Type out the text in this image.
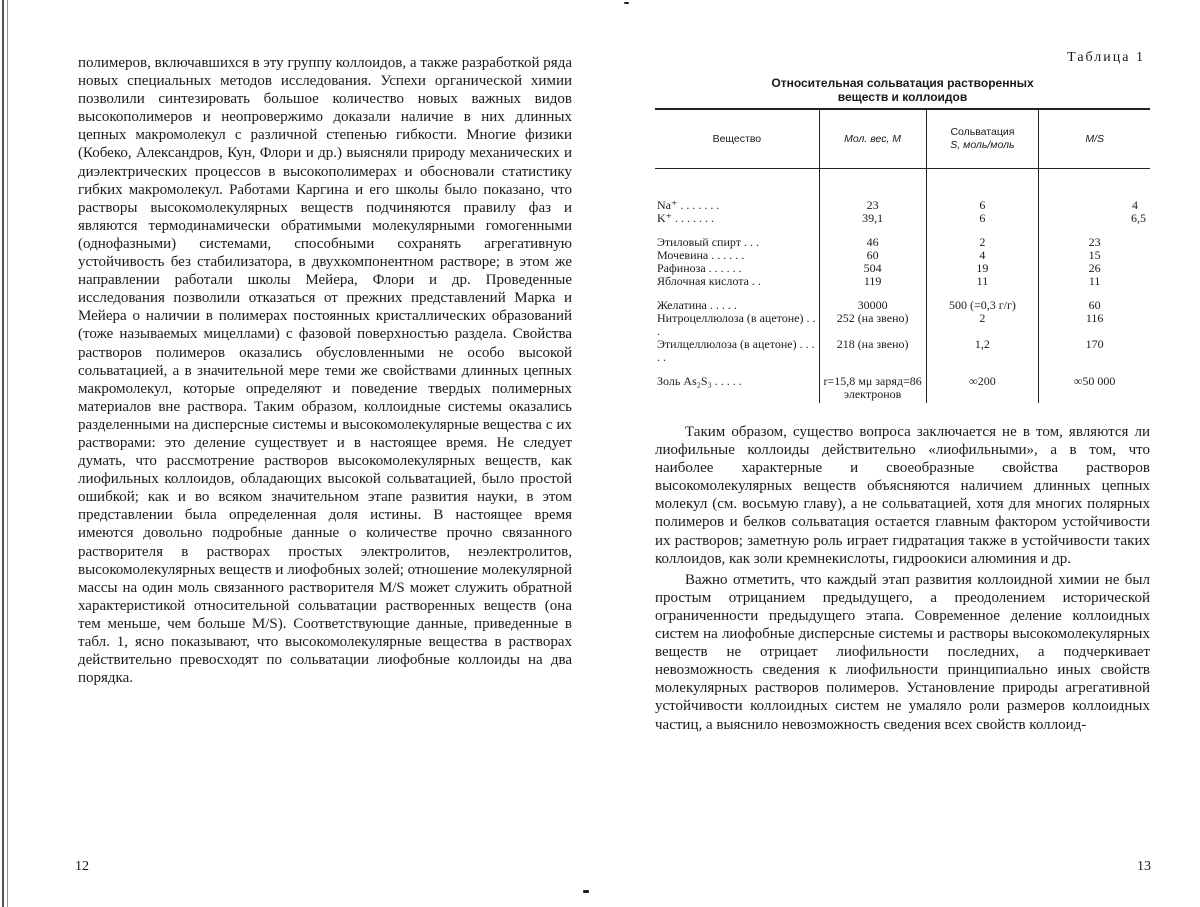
полимеров, включавшихся в эту группу коллоидов, а также разработкой ряда новых специальных методов исследования. Успехи органической химии позволили синтезировать большое количество новых важных видов высокополимеров и неопровержимо доказали наличие в них длинных цепных макромолекул с различной степенью гибкости. Многие физики (Кобеко, Александров, Кун, Флори и др.) выясняли природу механических и диэлектрических процессов в высокополимерах и обосновали статистику гибких макромолекул. Работами Каргина и его школы было показано, что растворы высокомолекулярных веществ подчиняются правилу фаз и являются термодинамически обратимыми молекулярными гомогенными (однофазными) системами, способными сохранять агрегативную устойчивость без стабилизатора, в двухкомпонентном растворе; в этом же направлении работали школы Мейера, Флори и др. Проведенные исследования позволили отказаться от прежних представлений Марка и Мейера о наличии в полимерах постоянных кристаллических образований (тоже называемых мицеллами) с фазовой поверхностью раздела. Свойства растворов полимеров оказались обусловленными не особо высокой сольватацией, а в значительной мере теми же свойствами длинных цепных макромолекул, которые определяют и поведение твердых полимерных материалов вне раствора. Таким образом, коллоидные системы оказались разделенными на дисперсные системы и высокомолекулярные вещества с их растворами: это деление существует и в настоящее время. Не следует думать, что рассмотрение растворов высокомолекулярных веществ, как лиофильных коллоидов, обладающих высокой сольватацией, было простой ошибкой; как и во всяком значительном этапе развития науки, в этом представлении была определенная доля истины. В настоящее время имеются довольно подробные данные о количестве прочно связанного растворителя в растворах простых электролитов, неэлектролитов, высокомолекулярных веществ и лиофобных золей; отношение молекулярной массы на один моль связанного растворителя M/S может служить обратной характеристикой относительной сольватации растворенных веществ (она тем меньше, чем больше M/S). Соответствующие данные, приведенные в табл. 1, ясно показывают, что высокомолекулярные вещества в растворах действительно превосходят по сольватации лиофобные коллоиды на два порядка.

12
Таблица 1
Относительная сольватация растворенных
веществ и коллоидов
Вещество	Мол. вес, M	Сольватация
S, моль/моль	M/S
Na⁺ . . . . . . .	23	6	4
K⁺ . . . . . . .	39,1	6	6,5
Этиловый спирт . . .	46	2	23
Мочевина . . . . . .	60	4	15
Рафиноза . . . . . .	504	19	26
Яблочная кислота . .	119	11	11
Желатина . . . . .	30000	500 (=0,3 г/г)	60
Нитроцеллюлоза (в ацетоне) . . .	252 (на звено)	2	116
Этилцеллюлоза (в ацетоне) . . . . .	218 (на звено)	1,2	170
Золь As₂S₃ . . . . .	r=15,8 мμ заряд=86 электронов	∞200	∞50 000

Таким образом, существо вопроса заключается не в том, являются ли лиофильные коллоиды действительно «лиофильными», а в том, что наиболее характерные и своеобразные свойства растворов высокомолекулярных веществ объясняются наличием длинных цепных молекул (см. восьмую главу), а не сольватацией, хотя для многих полярных полимеров и белков сольватация остается главным фактором устойчивости их растворов; заметную роль играет гидратация также в устойчивости таких коллоидов, как золи кремнекислоты, гидроокиси алюминия и др.

Важно отметить, что каждый этап развития коллоидной химии не был простым отрицанием предыдущего, а преодолением исторической ограниченности предыдущего этапа. Современное деление коллоидных систем на лиофобные дисперсные системы и растворы высокомолекулярных веществ не отрицает лиофильности последних, а подчеркивает невозможность сведения к лиофильности принципиально иных свойств молекулярных растворов полимеров. Установление природы агрегативной устойчивости коллоидных систем не умаляло роли размеров коллоидных частиц, а выяснило невозможность сведения всех свойств коллоид-

13
